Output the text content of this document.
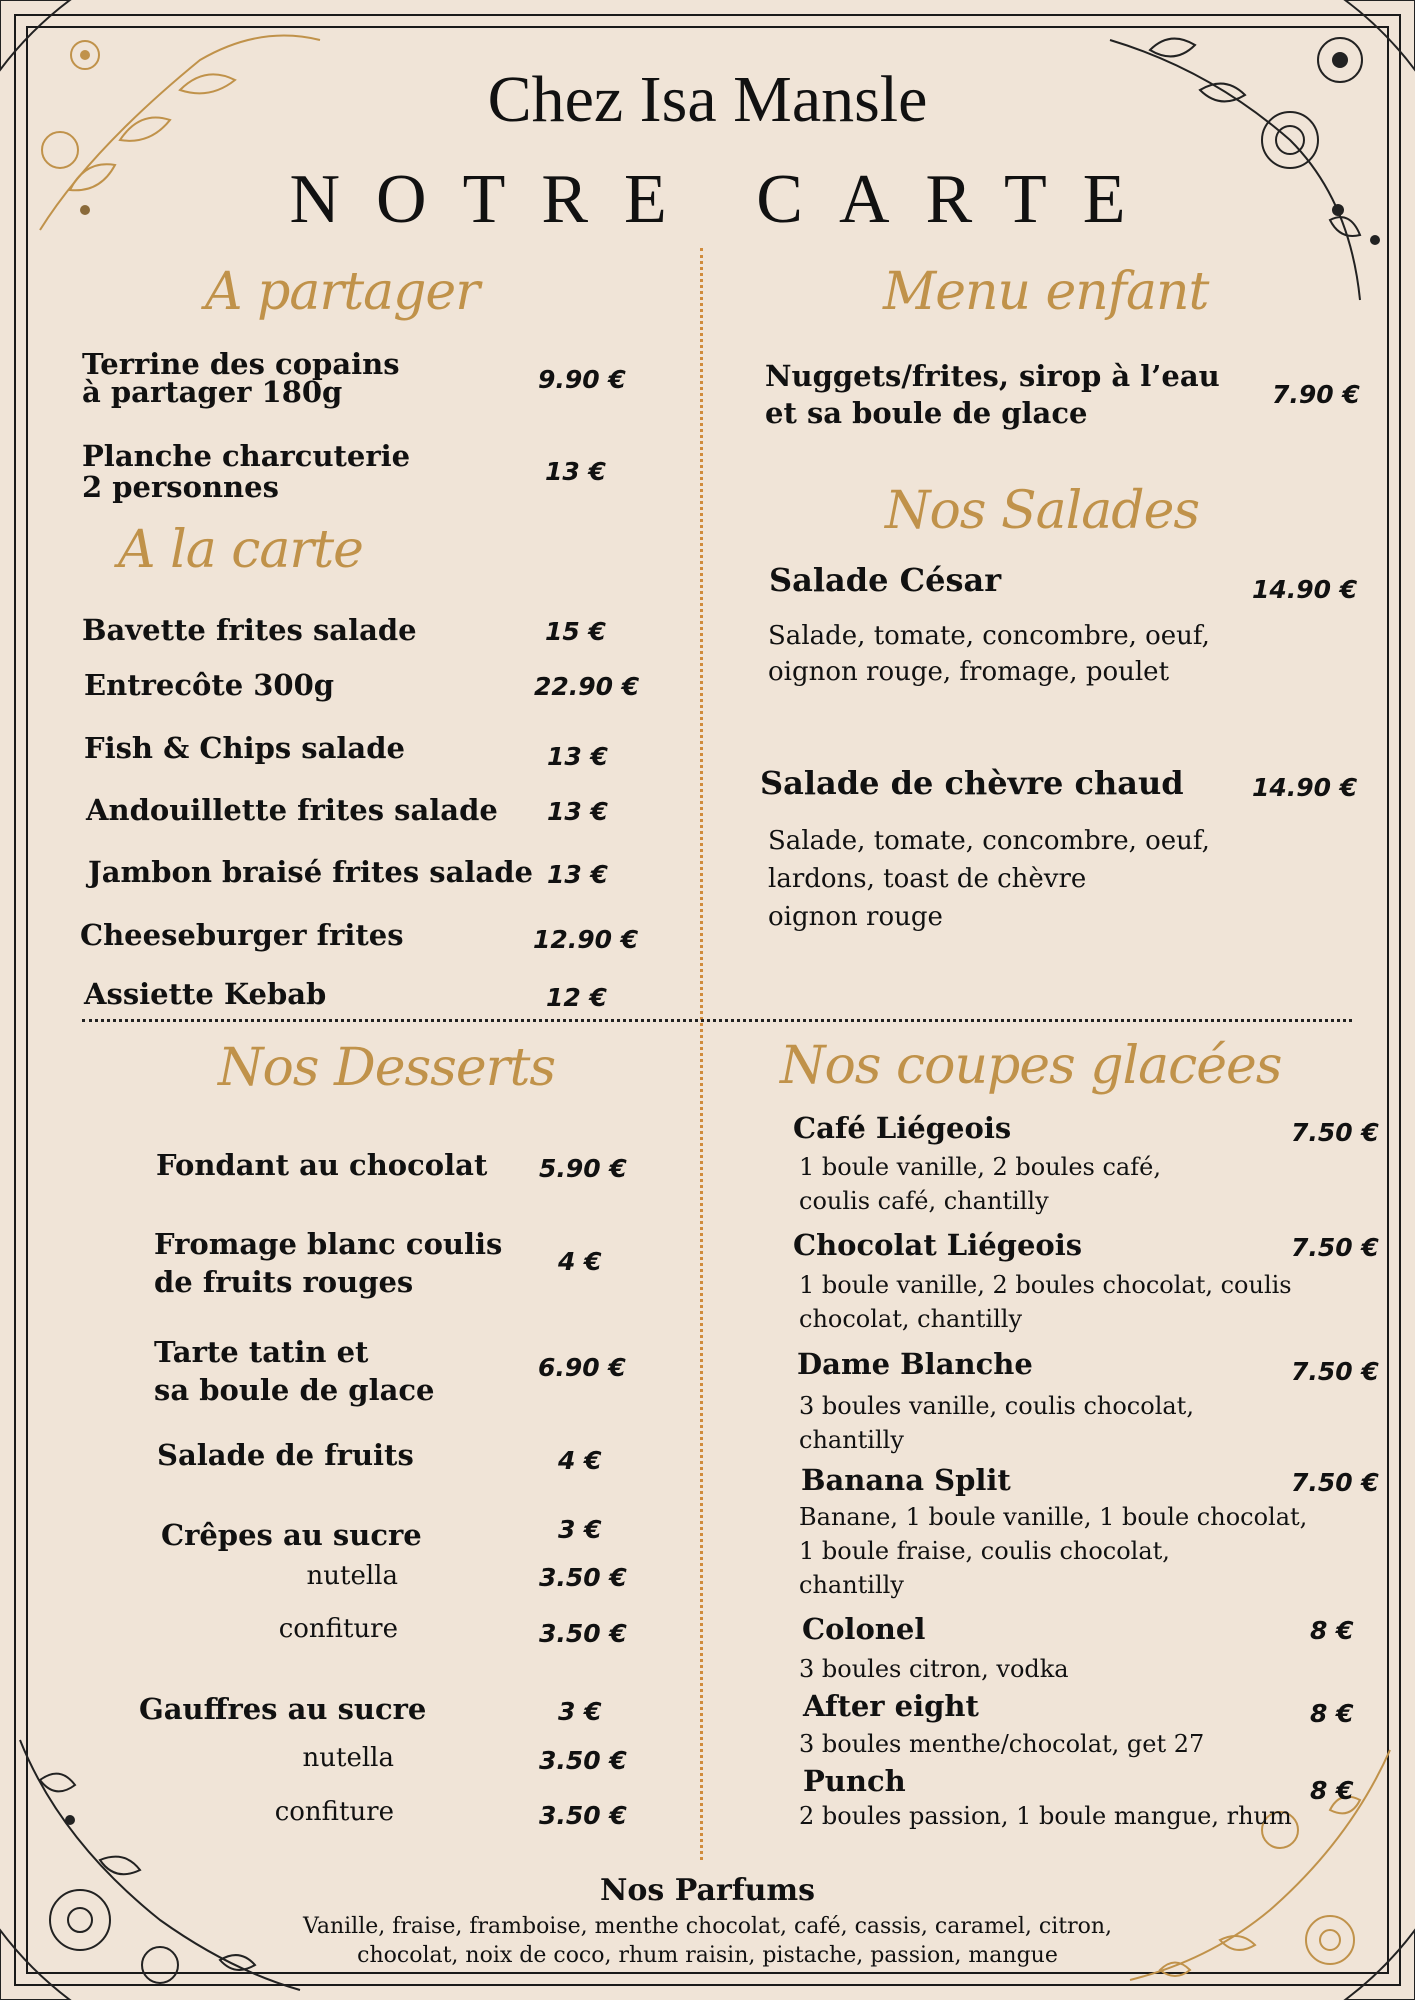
Chez Isa Mansle
NOTRE CARTE
A partager
Terrine des copains
à partager 180g	9.90 €
Planche charcuterie
2 personnes	13 €
A la carte
Bavette frites salade	15 €
Entrecôte 300g	22.90 €
Fish & Chips salade	13 €
Andouillette frites salade 13 €
Jambon braisé frites salade 13 €
Cheeseburger frites	12.90 €
Assiette Kebab	12 €
Menu enfant
Nuggets/frites, sirop à l’eau
et sa boule de glace
7.90 €
Nos Salades
Salade César	14.90 €
Salade, tomate, concombre, oeuf,
oignon rouge, fromage, poulet
Salade de chèvre chaud	14.90 €
Salade, tomate, concombre, oeuf,
lardons, toast de chèvre
oignon rouge
Nos Desserts
Fondant au chocolat 5.90 €
Fromage blanc coulis
de fruits rouges
4 €
Tarte tatin et
sa boule de glace
6.90 €
Salade de fruits	4 €
Crêpes au sucre	3 €
nutella	3.50 €
confiture	3.50 €
Gauffres au sucre	3 €
nutella	3.50 €
confiture	3.50 €
Nos coupes glacées
Café Liégeois	7.50 €
1 boule vanille, 2 boules café,
coulis café, chantilly
Chocolat Liégeois	7.50 €
1 boule vanille, 2 boules chocolat, coulis
chocolat, chantilly
Dame Blanche	7.50 €
3 boules vanille, coulis chocolat,
chantilly
Banana Split	7.50 €
Banane, 1 boule vanille, 1 boule chocolat,
1 boule fraise, coulis chocolat,
chantilly
Colonel	8 €
3 boules citron, vodka
After eight	8 €
3 boules menthe/chocolat, get 27
Punch	8 €
2 boules passion, 1 boule mangue, rhum
Nos Parfums
Vanille, fraise, framboise, menthe chocolat, café, cassis, caramel, citron,
chocolat, noix de coco, rhum raisin, pistache, passion, mangue
